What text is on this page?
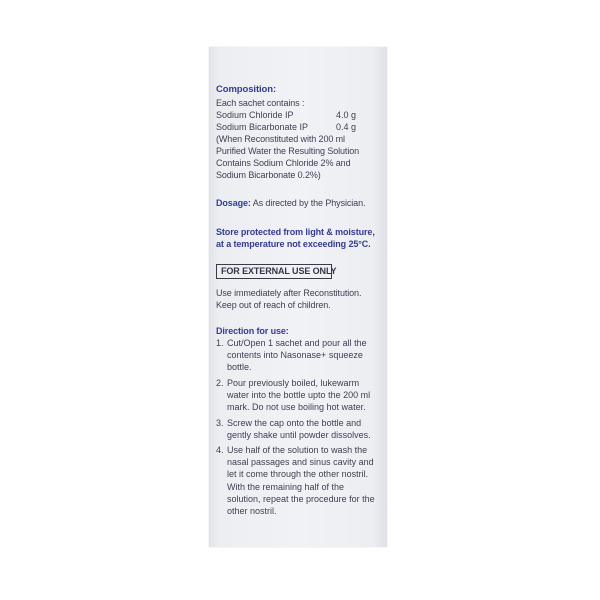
Composition:
Each sachet contains :
Sodium Chloride IP	4.0 g
Sodium Bicarbonate IP	0.4 g
(When Reconstituted with 200 ml
Purified Water the Resulting Solution
Contains Sodium Chloride 2% and
Sodium Bicarbonate 0.2%)
Dosage: As directed by the Physician.
Store protected from light & moisture,
at a temperature not exceeding 25°C.
FOR EXTERNAL USE ONLY
Use immediately after Reconstitution.
Keep out of reach of children.
Direction for use:
1. Cut/Open 1 sachet and pour all the
contents into Nasonase+ squeeze
bottle.
2. Pour previously boiled, lukewarm
water into the bottle upto the 200 ml
mark. Do not use boiling hot water.
3. Screw the cap onto the bottle and
gently shake until powder dissolves.
4. Use half of the solution to wash the
nasal passages and sinus cavity and
let it come through the other nostril.
With the remaining half of the
solution, repeat the procedure for the
other nostril.
